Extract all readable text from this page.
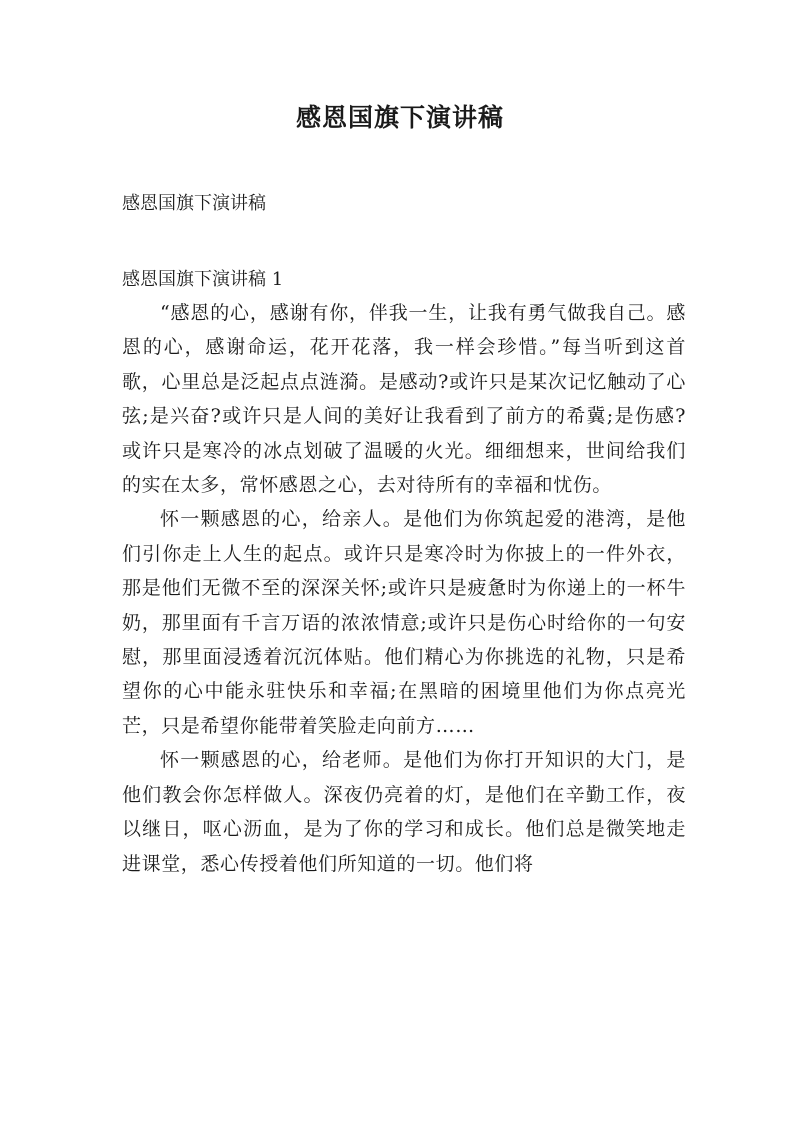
感恩国旗下演讲稿

感恩国旗下演讲稿

感恩国旗下演讲稿 1

“感恩的心，感谢有你，伴我一生，让我有勇气做我自己。感恩的心，感谢命运，花开花落，我一样会珍惜。”每当听到这首歌，心里总是泛起点点涟漪。是感动?或许只是某次记忆触动了心弦;是兴奋?或许只是人间的美好让我看到了前方的希冀;是伤感?或许只是寒冷的冰点划破了温暖的火光。细细想来，世间给我们的实在太多，常怀感恩之心，去对待所有的幸福和忧伤。

怀一颗感恩的心，给亲人。是他们为你筑起爱的港湾，是他们引你走上人生的起点。或许只是寒冷时为你披上的一件外衣，那是他们无微不至的深深关怀;或许只是疲惫时为你递上的一杯牛奶，那里面有千言万语的浓浓情意;或许只是伤心时给你的一句安慰，那里面浸透着沉沉体贴。他们精心为你挑选的礼物，只是希望你的心中能永驻快乐和幸福;在黑暗的困境里他们为你点亮光芒，只是希望你能带着笑脸走向前方……

怀一颗感恩的心，给老师。是他们为你打开知识的大门，是他们教会你怎样做人。深夜仍亮着的灯，是他们在辛勤工作，夜以继日，呕心沥血，是为了你的学习和成长。他们总是微笑地走进课堂，悉心传授着他们所知道的一切。他们将
